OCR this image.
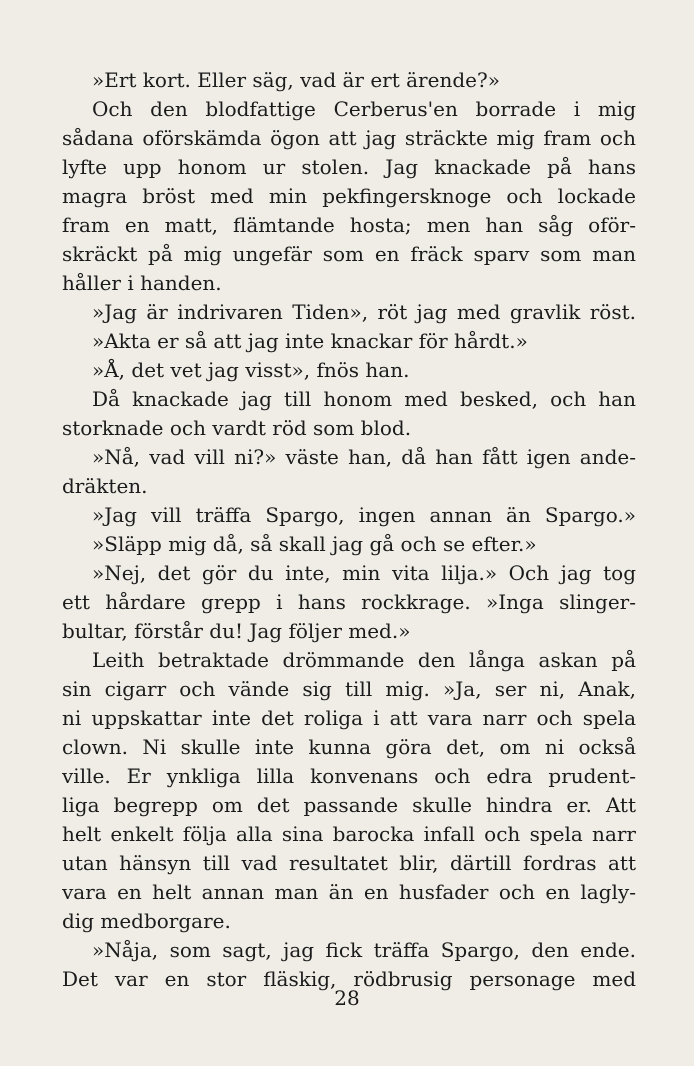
»Ert kort. Eller säg, vad är ert ärende?»
Och den blodfattige Cerberus'en borrade i mig
sådana oförskämda ögon att jag sträckte mig fram och
lyfte upp honom ur stolen. Jag knackade på hans
magra bröst med min pekfingersknoge och lockade
fram en matt, flämtande hosta; men han såg oför-
skräckt på mig ungefär som en fräck sparv som man
håller i handen.
»Jag är indrivaren Tiden», röt jag med gravlik röst.
»Akta er så att jag inte knackar för hårdt.»
»Å, det vet jag visst», fnös han.
Då knackade jag till honom med besked, och han
storknade och vardt röd som blod.
»Nå, vad vill ni?» väste han, då han fått igen ande-
dräkten.
»Jag vill träffa Spargo, ingen annan än Spargo.»
»Släpp mig då, så skall jag gå och se efter.»
»Nej, det gör du inte, min vita lilja.» Och jag tog
ett hårdare grepp i hans rockkrage. »Inga slinger-
bultar, förstår du! Jag följer med.»
Leith betraktade drömmande den långa askan på
sin cigarr och vände sig till mig. »Ja, ser ni, Anak,
ni uppskattar inte det roliga i att vara narr och spela
clown. Ni skulle inte kunna göra det, om ni också
ville. Er ynkliga lilla konvenans och edra prudent-
liga begrepp om det passande skulle hindra er. Att
helt enkelt följa alla sina barocka infall och spela narr
utan hänsyn till vad resultatet blir, därtill fordras att
vara en helt annan man än en husfader och en lagly-
dig medborgare.
»Nåja, som sagt, jag fick träffa Spargo, den ende.
Det var en stor fläskig, rödbrusig personage med
28
